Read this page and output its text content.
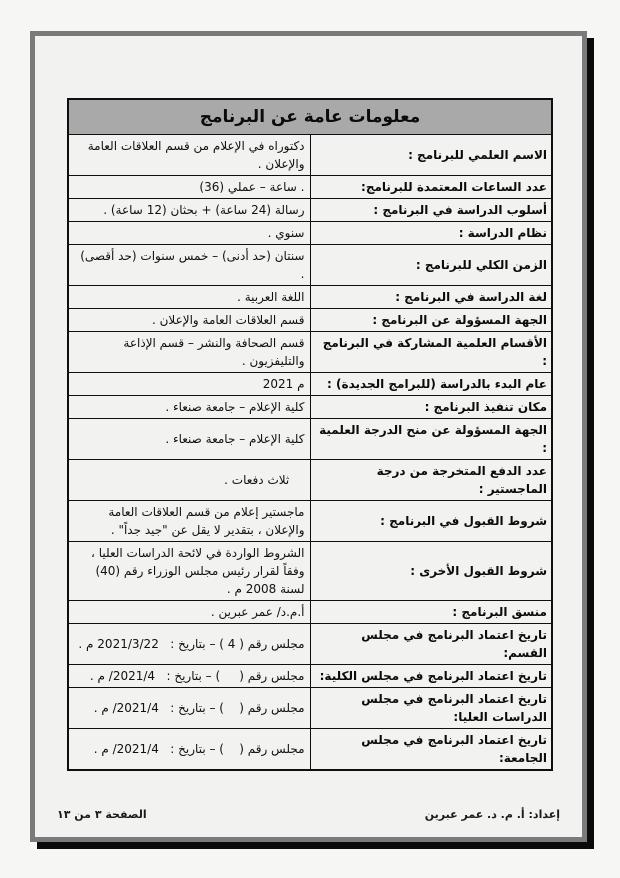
معلومات عامة عن البرنامج	
الاسم العلمي للبرنامج :	دكتوراه في الإعلام من قسم العلاقات العامة والإعلان .
عدد الساعات المعتمدة للبرنامج:	(36) ساعة – عملي .
أسلوب الدراسة في البرنامج :	رسالة (24 ساعة) + بحثان (12 ساعة) .
نظام الدراسة :	سنوي .
الزمن الكلي للبرنامج :	سنتان (حد أدنى) – خمس سنوات (حد أقصى) .
لغة الدراسة في البرنامج :	اللغة العربية .
الجهة المسؤولة عن البرنامج :	قسم العلاقات العامة والإعلان .
الأقسام العلمية المشاركة في البرنامج :	قسم الصحافة والنشر – قسم الإذاعة والتليفزيون .
عام البدء بالدراسة (للبرامج الجديدة) :	2021 م
مكان تنفيذ البرنامج :	كلية الإعلام – جامعة صنعاء .
الجهة المسؤولة عن منح الدرجة العلمية :	كلية الإعلام – جامعة صنعاء .
عدد الدفع المتخرجة من درجة الماجستير :	ثلاث دفعات .
شروط القبول في البرنامج :	ماجستير إعلام من قسم العلاقات العامة والإعلان ، بتقدير لا يقل عن "جيد جداً" .
شروط القبول الأخرى :	الشروط الواردة في لائحة الدراسات العليا ، وفقاً لقرار رئيس مجلس الوزراء رقم (40) لسنة 2008 م .
منسق البرنامج :	أ.م.د/ عمر عبرين .
تاريخ اعتماد البرنامج في مجلس القسم:	مجلس رقم ( 4 ) – بتاريخ :   2021/3/22 م .
تاريخ اعتماد البرنامج في مجلس الكلية:	مجلس رقم (     ) – بتاريخ :   2021/4/ م .
تاريخ اعتماد البرنامج في مجلس الدراسات العليا:	مجلس رقم (    ) – بتاريخ :   2021/4/ م .
تاريخ اعتماد البرنامج في مجلس الجامعة:	مجلس رقم (    ) – بتاريخ :   2021/4/ م .
الصفحة ٣ من ١٣	إعداد: أ. م. د. عمر عبرين
